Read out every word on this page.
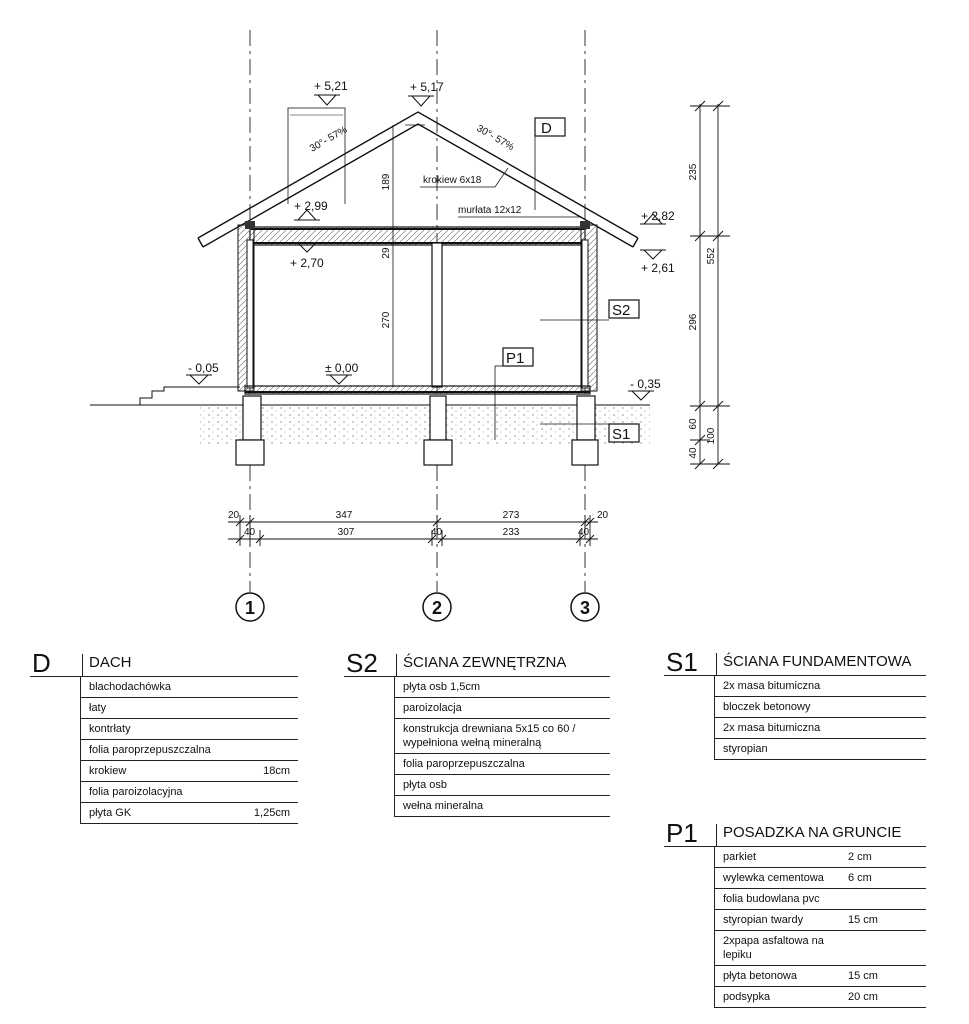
189
29
270
+ 5,21	+ 5,17
+ 2,99
+ 2,70
+ 2,82
+ 2,61
- 0,05	± 0,00
- 0,35
30°- 57%	30°- 57%
krokiew 6x18
murłata 12x12
D
S2
P1
S1
235
296
552
60
40
100
20	347	273	20
40	307	40	233	40
1	2	3
D	DACH
blachodachówka
łaty
kontrłaty
folia paroprzepuszczalna
krokiew	18cm
folia paroizolacyjna
płyta GK	1,25cm
S2	ŚCIANA ZEWNĘTRZNA
płyta osb 1,5cm
paroizolacja
konstrukcja drewniana 5x15 co 60 / wypełniona wełną mineralną
folia paroprzepuszczalna
płyta osb
wełna mineralna
S1	ŚCIANA FUNDAMENTOWA
2x masa bitumiczna
bloczek betonowy
2x masa bitumiczna
styropian
P1	POSADZKA NA GRUNCIE
parkiet	2 cm
wylewka cementowa 6 cm
folia budowlana pvc
styropian twardy	15 cm
2xpapa asfaltowa na lepiku
płyta betonowa	15 cm
podsypka	20 cm
